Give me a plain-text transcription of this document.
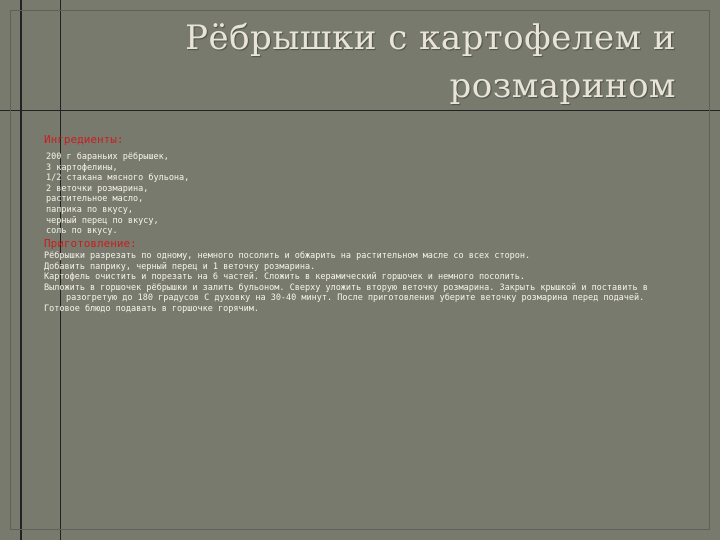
Рёбрышки с картофелем и
розмарином
Ингредиенты:
200 г бараньих рёбрышек,
3 картофелины,
1/2 стакана мясного бульона,
2 веточки розмарина,
растительное масло,
паприка по вкусу,
черный перец по вкусу,
соль по вкусу.
Приготовление:
Рёбрышки разрезать по одному, немного посолить и обжарить на растительном масле со всех сторон.
Добавить паприку, черный перец и 1 веточку розмарина.
Картофель очистить и порезать на 6 частей. Сложить в керамический горшочек и немного посолить.
Выложить в горшочек рёбрышки и залить бульоном. Сверху уложить вторую веточку розмарина. Закрыть крышкой и поставить в разогретую до 180 градусов С духовку на 30-40 минут. После приготовления уберите веточку розмарина перед подачей.
Готовое блюдо подавать в горшочке горячим.
